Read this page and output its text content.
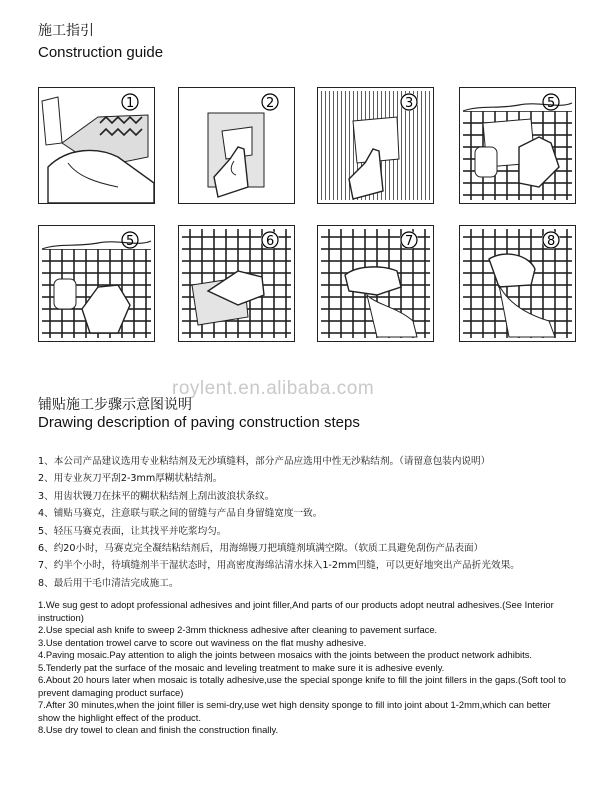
施工指引
Construction guide
1	2	3	5
5	6	7	8
roylent.en.alibaba.com
铺贴施工步骤示意图说明
Drawing description of paving construction steps
1、本公司产品建议选用专业粘结剂及无沙填缝料，部分产品应选用中性无沙粘结剂。（请留意包装内说明）
2、用专业灰刀平刮2-3mm厚糊状粘结剂。
3、用齿状镘刀在抹平的糊状粘结剂上刮出波浪状条纹。
4、铺贴马赛克，注意联与联之间的留缝与产品自身留缝宽度一致。
5、轻压马赛克表面，让其找平并吃浆均匀。
6、约20小时，马赛克完全凝结粘结剂后，用海绵镘刀把填缝剂填满空隙。（软质工具避免刮伤产品表面）
7、约半个小时，待填缝剂半干湿状态时，用高密度海绵沾清水抹入1-2mm凹缝，可以更好地突出产品折光效果。
8、最后用干毛巾清洁完成施工。
1.We sug gest to adopt professional adhesives and joint filler,And parts of our products adopt neutral adhesives.(See Interior instruction)
2.Use special ash knife to sweep 2-3mm thickness adhesive after cleaning to pavement surface.
3.Use dentation trowel carve to score out waviness on the flat mushy adhesive.
4.Paving mosaic.Pay attention to aligh the joints between mosaics with the joints between the product network adhibits.
5.Tenderly pat the surface of the mosaic and leveling treatment to make sure it is adhesive evenly.
6.About 20 hours later when mosaic is totally adhesive,use the special sponge knife to fill the joint fillers in the gaps.(Soft tool to prevent damaging product surface)
7.After 30 minutes,when the joint filler is semi-dry,use wet high density sponge to fill into joint about 1-2mm,which can better show the highlight effect of the product.
8.Use dry towel to clean and finish the construction finally.
